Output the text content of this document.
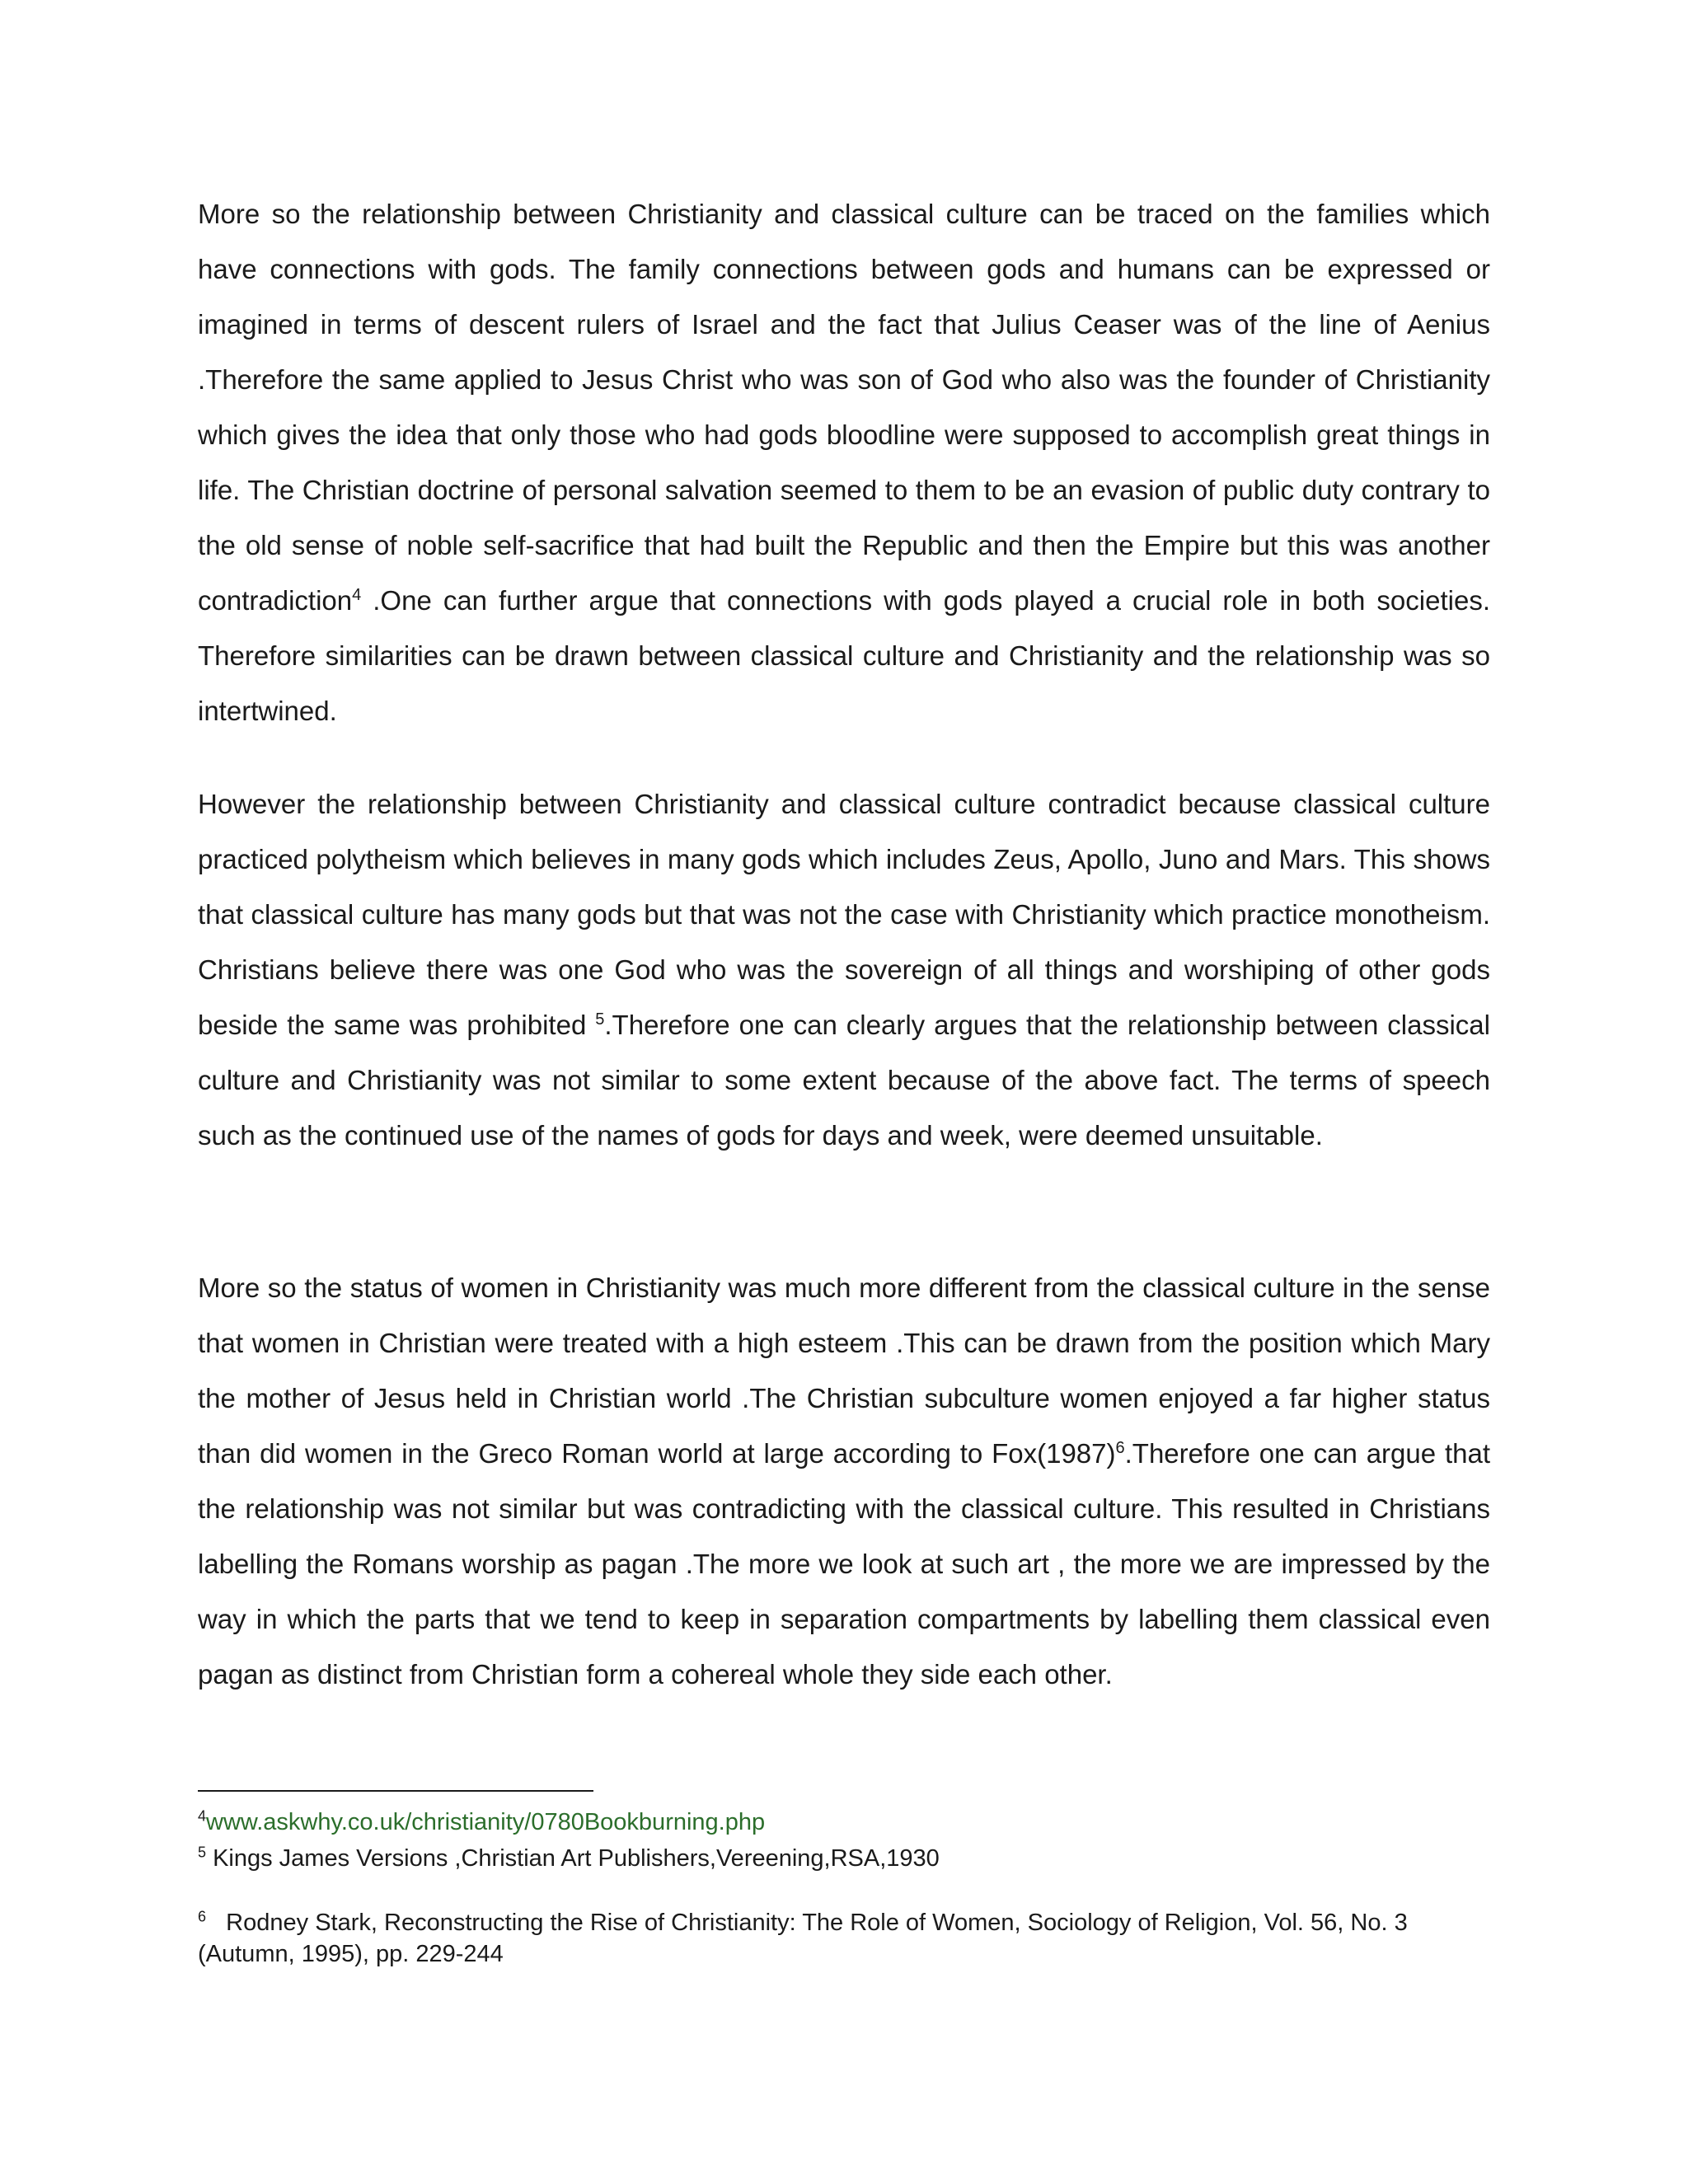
More so the relationship between Christianity and classical culture can be traced on the families which have connections with gods. The family connections between gods and humans can be expressed or imagined in terms of descent rulers of Israel and the fact that Julius Ceaser was of the line of Aenius .Therefore the same applied to Jesus Christ who was son of God who also was the founder of Christianity which gives the idea that only those who had gods bloodline were supposed to accomplish great things in life. The Christian doctrine of personal salvation seemed to them to be an evasion of public duty contrary to the old sense of noble self-sacrifice that had built the Republic and then the Empire but this was another contradiction$^4$ .One can further argue that connections with gods played a crucial role in both societies. Therefore similarities can be drawn between classical culture and Christianity and the relationship was so intertwined.

However the relationship between Christianity and classical culture contradict because classical culture practiced polytheism which believes in many gods which includes Zeus, Apollo, Juno and Mars. This shows that classical culture has many gods but that was not the case with Christianity which practice monotheism. Christians believe there was one God who was the sovereign of all things and worshiping of other gods beside the same was prohibited $^5$.Therefore one can clearly argues that the relationship between classical culture and Christianity was not similar to some extent because of the above fact. The terms of speech such as the continued use of the names of gods for days and week, were deemed unsuitable.

More so the status of women in Christianity was much more different from the classical culture in the sense that women in Christian were treated with a high esteem .This can be drawn from the position which Mary the mother of Jesus held in Christian world .The Christian subculture women enjoyed a far higher status than did women in the Greco Roman world at large according to $Fox(1987)^6.Therefore$ one can argue that the relationship was not similar but was contradicting with the classical culture. This resulted in Christians labelling the Romans worship as pagan .The more we look at such art , the more we are impressed by the way in which the parts that we tend to keep in separation compartments by labelling them classical even pagan as distinct from Christian form a cohereal whole they side each other.

$^4$www.askwhy.co.uk/christianity/0780Bookburning.php

$^5$ Kings James Versions ,Christian Art Publishers,Vereening,RSA,1930

$^6$   Rodney Stark, Reconstructing the Rise of Christianity: The Role of Women, Sociology of Religion, Vol. 56, No. 3 (Autumn, 1995), pp. 229-244
